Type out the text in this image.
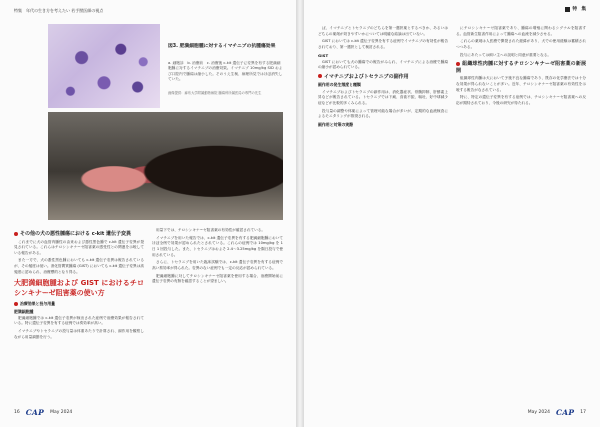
特集　年代の生き方を考えたい 若手獣医師の視点
図3. 肥満細胞腫に対するイマチニブの抗腫瘍効果
a. 細胞診　b. 治療前　c. 治療後 c-kit 遺伝子に変異を有する肥満細胞腫に対するイマチニブの治療効果。イマチニブ 10mg/kg SID および口腔内で腫瘍は縮小した。そのうえ生検、病理所見ではほぼ消失していた。
画像提供：麻布大学附属動物病院 腫瘍科所属医局の専門の先生
その他の犬の悪性腫瘍における c-kit 遺伝子変異

これまでに犬の血管肉腫性の由来および悪性黒色腫で c-kit 遺伝子変異が発見されている。これらはチロシンキナーゼ阻害薬の感受性との関連を示唆している報告がある。

また一方で、犬の悪性黒色腫においても c-kit 遺伝子変異は報告されているが、その頻度は低い。消化管間質腫瘍 (GIST) においても c-kit 遺伝子変異は高頻度に認められ、治療標的となり得る。

大肥満細胞腫および GIST におけるチロシンキナーゼ阻害薬の使い方
治療効果と投与用量
肥満細胞腫

肥満細胞腫では c-kit 遺伝子変異が検出された症例で治療効果が報告されている。特に遺伝子変異を有する症例では奏効率が高い。

イマチニブやトセラニブの投与量は体重あたりで計算され、副作用を観察しながら用量調節を行う。

用量下では、チロシンキナーゼ阻害薬の有効性が確認されている。

イマチニブを用いた報告では、c-kit 遺伝子変異を有する肥満細胞腫においてほぼ全例で効果が認められたとされている。これらの症例では 10mg/kg を 1 日 1 回投与した。また、トセラニブはおよそ 2.4〜3.25mg/kg を隔日投与で使用されている。

さらに、トセラニブを用いた臨床試験では、c-kit 遺伝子変異を有する症例で高い奏効率が得られた。変異のない症例でも一定の反応が認められている。

肥満細胞腫に対してチロシンキナーゼ阻害薬を使用する場合、治療開始前に遺伝子変異の有無を確認することが望ましい。

16 CAP May 2024
特　集

ば、イマチニブとトセラニブのどちらを第一選択薬とするべきか、あるいはどちらの薬剤が効きやすいかについては明確な結論は出ていない。

GIST においては c-kit 遺伝子変異を有する症例でイマチニブの有効性が報告されており、第一選択として検討される。

GIST

GIST においても犬の腫瘍での報告がみられ、イマチニブによる治療で腫瘍の縮小が認められている。

イマチニブおよびトセラニブの副作用
副作用の発生頻度と種類

イマチニブおよびトセラニブの副作用は、消化器症状、骨髄抑制、肝酵素上昇などが報告されている。トセラニブでは下痢、食欲不振、嘔吐、好中球減少症などが比較的多くみられる。

投与量の調整や休薬によって管理可能な場合が多いが、定期的な血液検査によるモニタリングが推奨される。

副作用と対策の実際

にチロシンキナーゼ阻害薬であり、腫瘍の増殖に関わるシグナルを阻害する。血管新生阻害作用によって腫瘍への血流を減少させる。

これらの薬剤は人医療で開発された経緯があり、犬での使用経験は蓄積されつつある。

投与にあたっては飼い主への説明と同意が重要となる。

組織球性肉腫に対するチロシンキナーゼ阻害薬の新展開

組織球性肉腫は犬において予後不良な腫瘍であり、既存の化学療法では十分な効果が得られないことが多い。近年、チロシンキナーゼ阻害薬の有効性を示唆する報告がなされている。

特に、特定の遺伝子変異を有する症例では、チロシンキナーゼ阻害薬への反応が期待されており、今後の研究が待たれる。

May 2024 CAP 17
